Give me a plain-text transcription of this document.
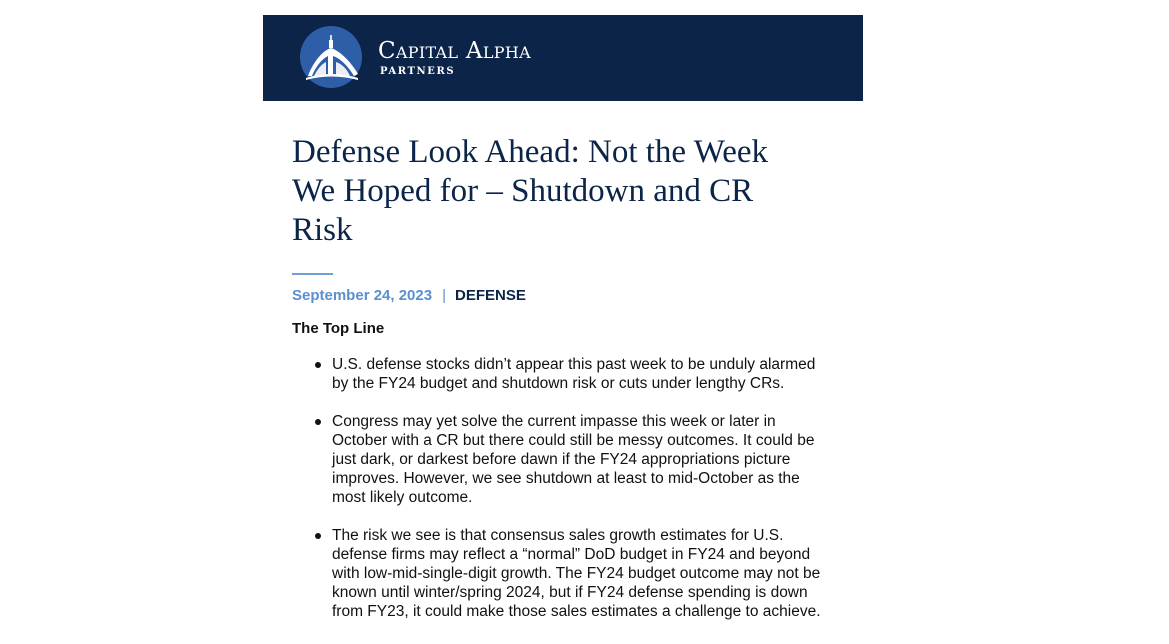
Capital Alpha
PARTNERS
Defense Look Ahead: Not the Week We Hoped for – Shutdown and CR Risk
September 24, 2023 | DEFENSE
The Top Line
U.S. defense stocks didn’t appear this past week to be unduly alarmed by the FY24 budget and shutdown risk or cuts under lengthy CRs.
Congress may yet solve the current impasse this week or later in October with a CR but there could still be messy outcomes. It could be just dark, or darkest before dawn if the FY24 appropriations picture improves. However, we see shutdown at least to mid-October as the most likely outcome.
The risk we see is that consensus sales growth estimates for U.S. defense firms may reflect a “normal” DoD budget in FY24 and beyond with low-mid-single-digit growth. The FY24 budget outcome may not be known until winter/spring 2024, but if FY24 defense spending is down from FY23, it could make those sales estimates a challenge to achieve.
